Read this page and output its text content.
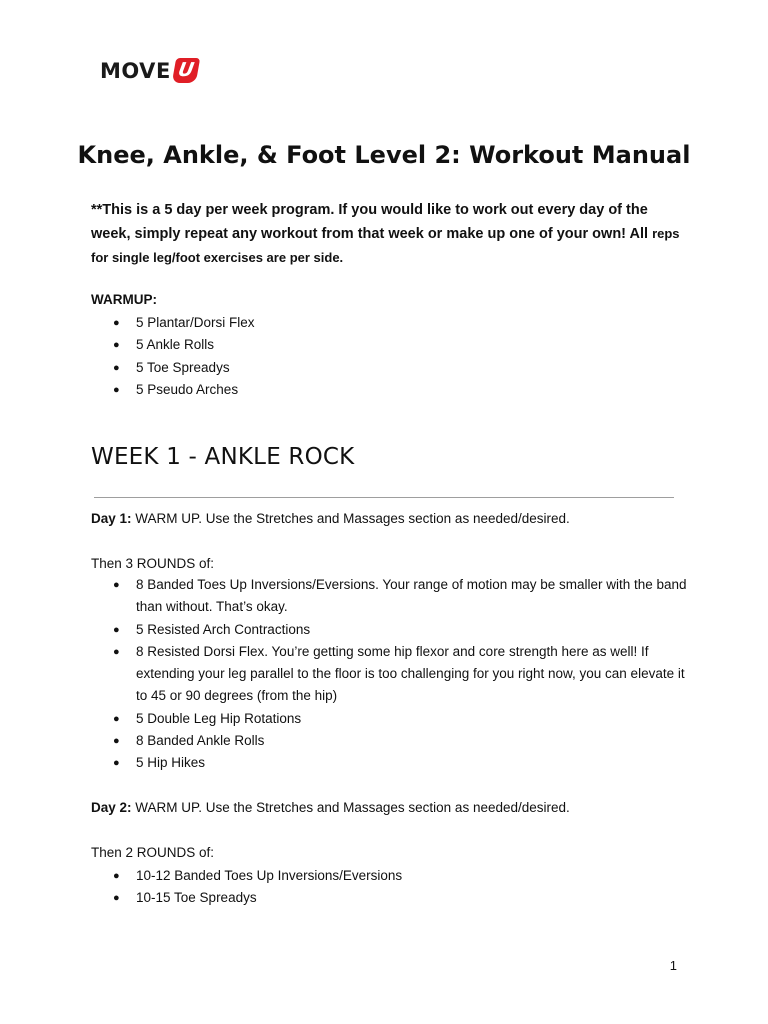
MOVE U
Knee, Ankle, & Foot Level 2: Workout Manual
**This is a 5 day per week program. If you would like to work out every day of the week, simply repeat any workout from that week or make up one of your own! All reps for single leg/foot exercises are per side.
WARMUP:
● 5 Plantar/Dorsi Flex
● 5 Ankle Rolls
● 5 Toe Spreadys
● 5 Pseudo Arches
WEEK 1 - ANKLE ROCK
Day 1: WARM UP. Use the Stretches and Massages section as needed/desired.
Then 3 ROUNDS of:
● 8 Banded Toes Up Inversions/Eversions. Your range of motion may be smaller with the band than without. That’s okay.
● 5 Resisted Arch Contractions
● 8 Resisted Dorsi Flex. You’re getting some hip flexor and core strength here as well! If extending your leg parallel to the floor is too challenging for you right now, you can elevate it to 45 or 90 degrees (from the hip)
● 5 Double Leg Hip Rotations
● 8 Banded Ankle Rolls
● 5 Hip Hikes
Day 2: WARM UP. Use the Stretches and Massages section as needed/desired.
Then 2 ROUNDS of:
● 10-12 Banded Toes Up Inversions/Eversions
● 10-15 Toe Spreadys
1
